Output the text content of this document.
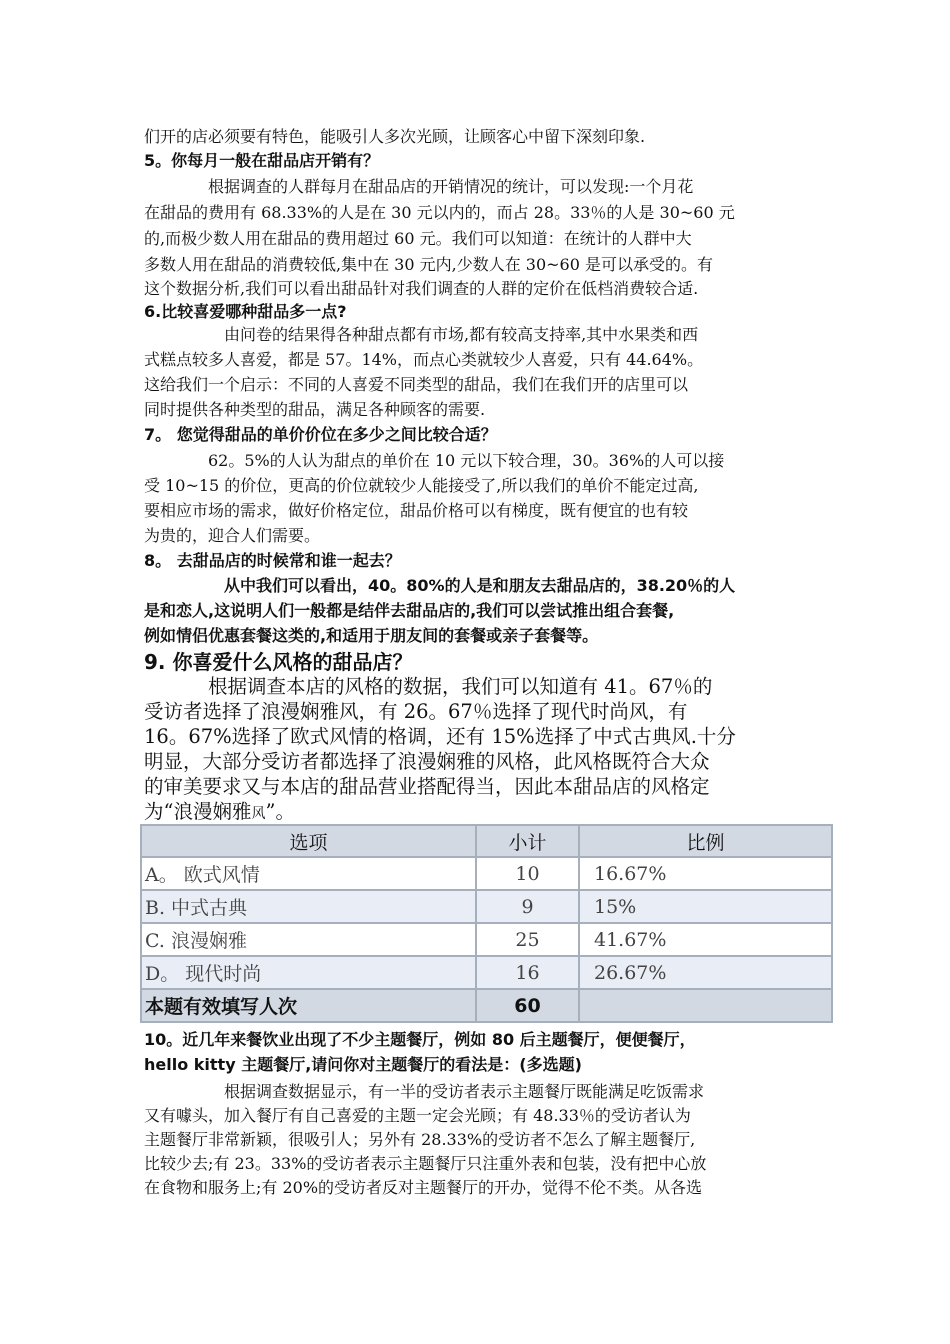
们开的店必须要有特色，能吸引人多次光顾，让顾客心中留下深刻印象.
5。你每月一般在甜品店开销有？
根据调查的人群每月在甜品店的开销情况的统计，可以发现:一个月花
在甜品的费用有 68.33%的人是在 30 元以内的，而占 28。33％的人是 30~60 元
的,而极少数人用在甜品的费用超过 60 元。我们可以知道：在统计的人群中大
多数人用在甜品的消费较低,集中在 30 元内,少数人在 30~60 是可以承受的。有
这个数据分析,我们可以看出甜品针对我们调查的人群的定价在低档消费较合适.
6.比较喜爱哪种甜品多一点?
由问卷的结果得各种甜点都有市场,都有较高支持率,其中水果类和西
式糕点较多人喜爱，都是 57。14%，而点心类就较少人喜爱，只有 44.64%。
这给我们一个启示：不同的人喜爱不同类型的甜品，我们在我们开的店里可以
同时提供各种类型的甜品，满足各种顾客的需要.
7。 您觉得甜品的单价价位在多少之间比较合适？
62。5%的人认为甜点的单价在 10 元以下较合理，30。36%的人可以接
受 10~15 的价位，更高的价位就较少人能接受了,所以我们的单价不能定过高,
要相应市场的需求，做好价格定位，甜品价格可以有梯度，既有便宜的也有较
为贵的，迎合人们需要。
8。 去甜品店的时候常和谁一起去？
从中我们可以看出，40。80%的人是和朋友去甜品店的，38.20％的人
是和恋人,这说明人们一般都是结伴去甜品店的,我们可以尝试推出组合套餐,
例如情侣优惠套餐这类的,和适用于朋友间的套餐或亲子套餐等。
9. 你喜爱什么风格的甜品店？
根据调查本店的风格的数据，我们可以知道有 41。67％的
受访者选择了浪漫娴雅风，有 26。67％选择了现代时尚风，有
16。67%选择了欧式风情的格调，还有 15%选择了中式古典风.十分
明显，大部分受访者都选择了浪漫娴雅的风格，此风格既符合大众
的审美要求又与本店的甜品营业搭配得当，因此本甜品店的风格定
为“浪漫娴雅风”。
选项	小计	比例
A。 欧式风情	10	16.67%
B. 中式古典	9	15%
C. 浪漫娴雅	25	41.67%
D。 现代时尚	16	26.67%
本题有效填写人次	60	
10。近几年来餐饮业出现了不少主题餐厅，例如 80 后主题餐厅，便便餐厅，
hello kitty 主题餐厅,请问你对主题餐厅的看法是：(多选题)
根据调查数据显示，有一半的受访者表示主题餐厅既能满足吃饭需求
又有噱头，加入餐厅有自己喜爱的主题一定会光顾；有 48.33％的受访者认为
主题餐厅非常新颖，很吸引人；另外有 28.33%的受访者不怎么了解主题餐厅,
比较少去;有 23。33%的受访者表示主题餐厅只注重外表和包装，没有把中心放
在食物和服务上;有 20%的受访者反对主题餐厅的开办，觉得不伦不类。从各选
